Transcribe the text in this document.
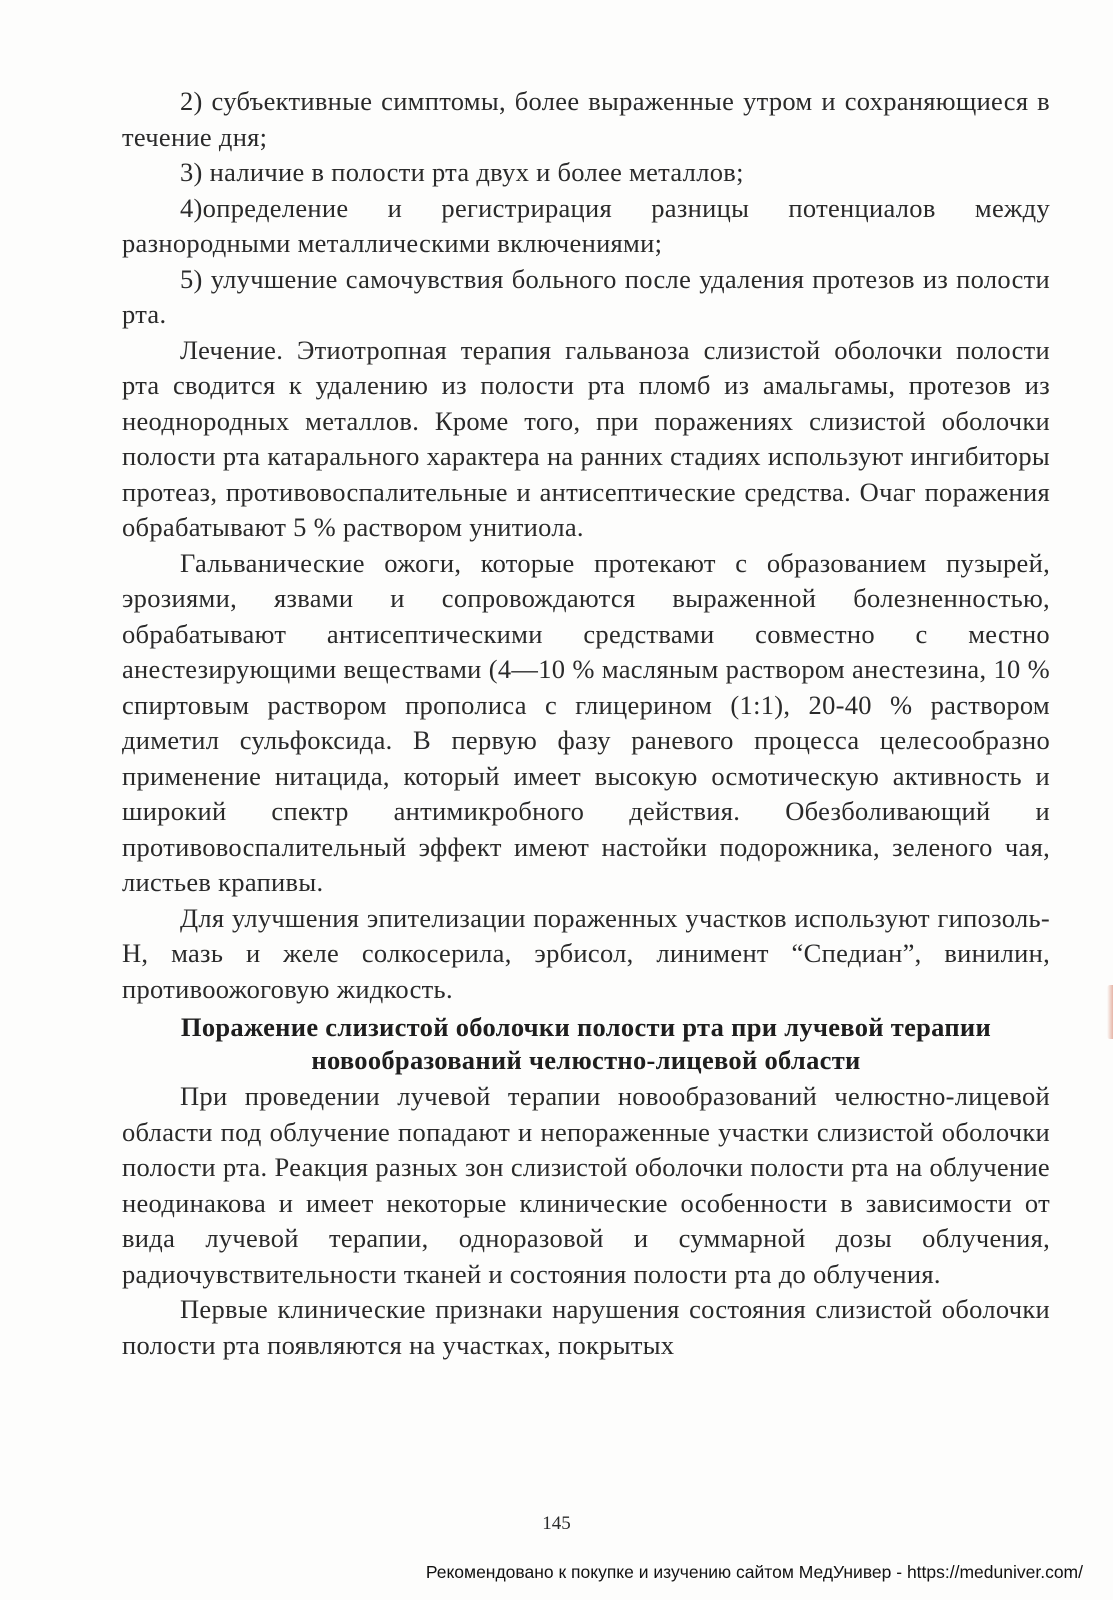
2) субъективные симптомы, более выраженные утром и сохраняющиеся в течение дня;

3) наличие в полости рта двух и более металлов;

4)определение и регистрирация разницы потенциалов между разнородными металлическими включениями;

5) улучшение самочувствия больного после удаления протезов из полости рта.

Лечение. Этиотропная терапия гальваноза слизистой оболочки полости рта сводится к удалению из полости рта пломб из амальгамы, протезов из неоднородных металлов. Кроме того, при поражениях слизистой оболочки полости рта катарального характера на ранних стадиях используют ингибиторы протеаз, противовоспалительные и антисептические средства. Очаг поражения обрабатывают 5 % раствором унитиола.

Гальванические ожоги, которые протекают с образованием пузырей, эрозиями, язвами и сопровождаются выраженной болезненностью, обрабатывают антисептическими средствами совместно с местно анестезирующими веществами (4—10 % масляным раствором анестезина, 10 % спиртовым раствором прополиса с глицерином (1:1), 20-40 % раствором диметил сульфоксида. В первую фазу раневого процесса целесообразно применение нитацида, который имеет высокую осмотическую активность и широкий спектр антимикробного действия. Обезболивающий и противовоспалительный эффект имеют настойки подорожника, зеленого чая, листьев крапивы.

Для улучшения эпителизации пораженных участков используют гипозоль-Н, мазь и желе солкосерила, эрбисол, линимент “Спедиан”, винилин, противоожоговую жидкость.

Поражение слизистой оболочки полости рта при лучевой терапии новообразований челюстно-лицевой области

При проведении лучевой терапии новообразований челюстно-лицевой области под облучение попадают и непораженные участки слизистой оболочки полости рта. Реакция разных зон слизистой оболочки полости рта на облучение неодинакова и имеет некоторые клинические особенности в зависимости от вида лучевой терапии, одноразовой и суммарной дозы облучения, радиочувствительности тканей и состояния полости рта до облучения.

Первые клинические признаки нарушения состояния слизистой оболочки полости рта появляются на участках, покрытых

145
Рекомендовано к покупке и изучению сайтом МедУнивер - https://meduniver.com/
